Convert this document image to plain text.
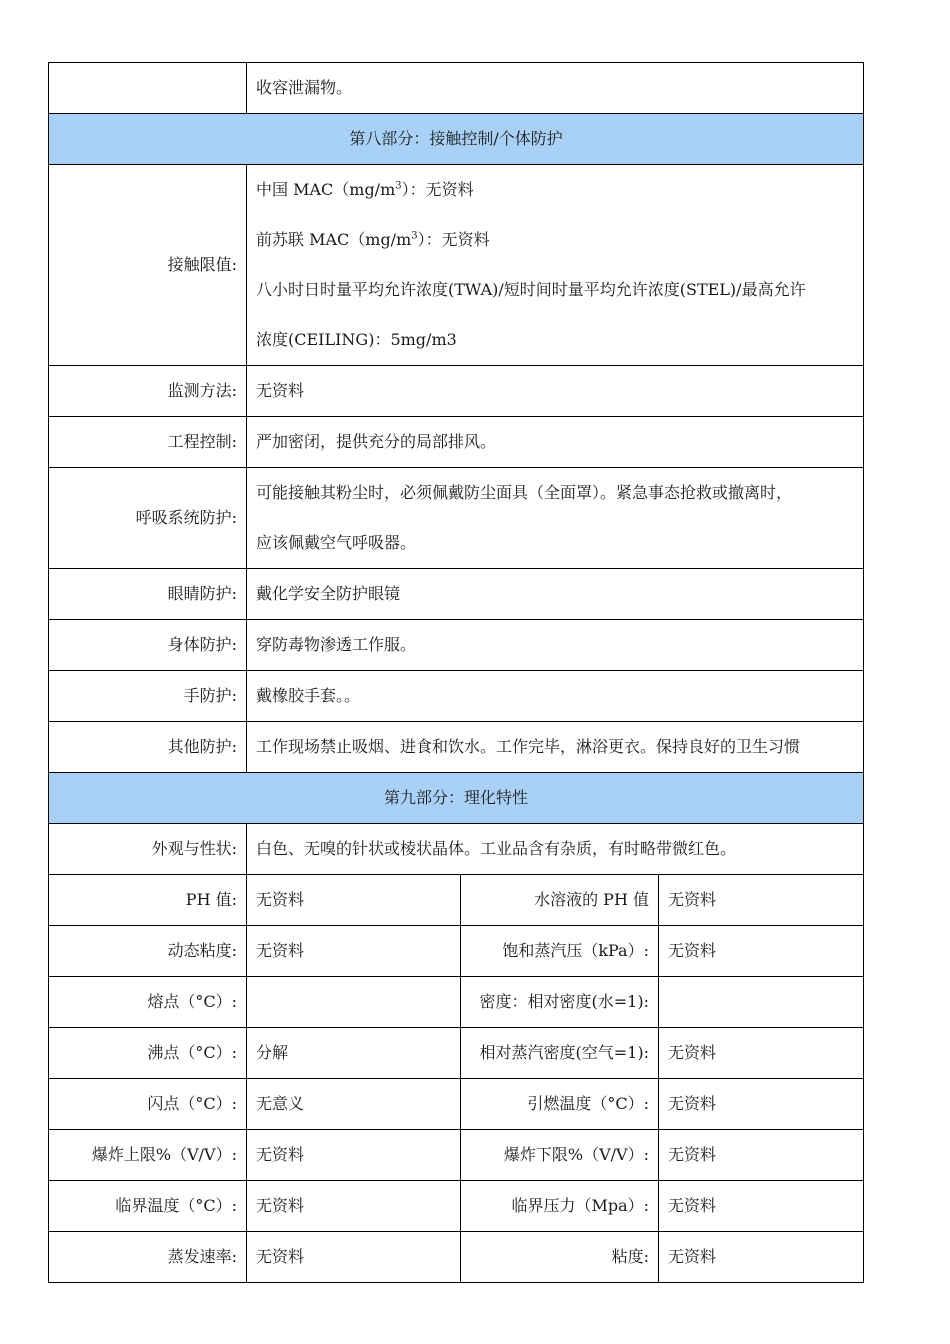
	收容泄漏物。		
第八部分：接触控制/个体防护			
接触限值:	中国 $MAC(mg/m^3)$：无资料
前苏联 $MAC(mg/m^3)$：无资料
八小时日时量平均允许浓度(TWA)/短时间时量平均允许浓度(STEL)/最高允许
浓度(CEILING)：5mg/m3		

监测方法:	无资料		
工程控制:	严加密闭，提供充分的局部排风。		
呼吸系统防护:	可能接触其粉尘时，必须佩戴防尘面具（全面罩）。紧急事态抢救或撤离时，
应该佩戴空气呼吸器。		

眼睛防护:	戴化学安全防护眼镜		
身体防护:	穿防毒物渗透工作服。		
手防护:	戴橡胶手套。。		
其他防护:	工作现场禁止吸烟、进食和饮水。工作完毕，淋浴更衣。保持良好的卫生习惯		
第九部分：理化特性			
外观与性状:	白色、无嗅的针状或棱状晶体。工业品含有杂质，有时略带微红色。		
PH 值:	无资料	水溶液的 PH 值	无资料
动态粘度:	无资料	饱和蒸汽压（kPa）:	无资料
熔点（°C）:		密度：相对密度(水=1):	
沸点（°C）:	分解	相对蒸汽密度(空气=1):	无资料
闪点（°C）:	无意义	引燃温度（°C）:	无资料
爆炸上限%（V/V）:	无资料	爆炸下限%（V/V）:	无资料
临界温度（°C）:	无资料	临界压力（Mpa）:	无资料
蒸发速率:	无资料	粘度:	无资料
